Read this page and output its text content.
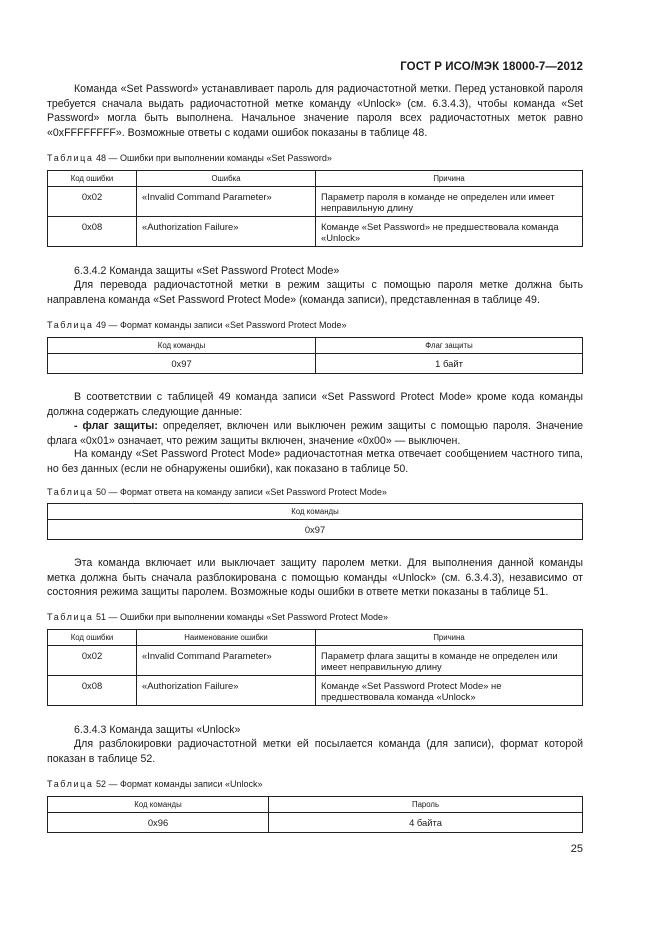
ГОСТ Р ИСО/МЭК 18000-7—2012

Команда «Set Password» устанавливает пароль для радиочастотной метки. Перед установкой пароля требуется сначала выдать радиочастотной метке команду «Unlock» (см. 6.3.4.3), чтобы команда «Set Password» могла быть выполнена. Начальное значение пароля всех радиочастотных меток равно «0xFFFFFFFF». Возможные ответы с кодами ошибок показаны в таблице 48.

Таблица 48 — Ошибки при выполнении команды «Set Password»
Код ошибки	Ошибка	Причина
0x02	«Invalid Command Parameter»	Параметр пароля в команде не определен или имеет неправильную длину
0x08	«Authorization Failure»	Команде «Set Password» не предшествовала команда «Unlock»
6.3.4.2 Команда защиты «Set Password Protect Mode»

Для перевода радиочастотной метки в режим защиты с помощью пароля метке должна быть направлена команда «Set Password Protect Mode» (команда записи), представленная в таблице 49.

Таблица 49 — Формат команды записи «Set Password Protect Mode»
Код команды	Флаг защиты
0x97	1 байт

В соответствии с таблицей 49 команда записи «Set Password Protect Mode» кроме кода команды должна содержать следующие данные:

- флаг защиты: определяет, включен или выключен режим защиты с помощью пароля. Значение флага «0x01» означает, что режим защиты включен, значение «0x00» — выключен.

На команду «Set Password Protect Mode» радиочастотная метка отвечает сообщением частного типа, но без данных (если не обнаружены ошибки), как показано в таблице 50.

Таблица 50 — Формат ответа на команду записи «Set Password Protect Mode»
Код команды
0x97

Эта команда включает или выключает защиту паролем метки. Для выполнения данной команды метка должна быть сначала разблокирована с помощью команды «Unlock» (см. 6.3.4.3), независимо от состояния режима защиты паролем. Возможные коды ошибки в ответе метки показаны в таблице 51.

Таблица 51 — Ошибки при выполнении команды «Set Password Protect Mode»
Код ошибки	Наименование ошибки	Причина
0x02	«Invalid Command Parameter»	Параметр флага защиты в команде не определен или имеет неправильную длину
0x08	«Authorization Failure»	Команде «Set Password Protect Mode» не предшествовала команда «Unlock»
6.3.4.3 Команда защиты «Unlock»

Для разблокировки радиочастотной метки ей посылается команда (для записи), формат которой показан в таблице 52.

Таблица 52 — Формат команды записи «Unlock»
Код команды	Пароль
0x96	4 байта
25
